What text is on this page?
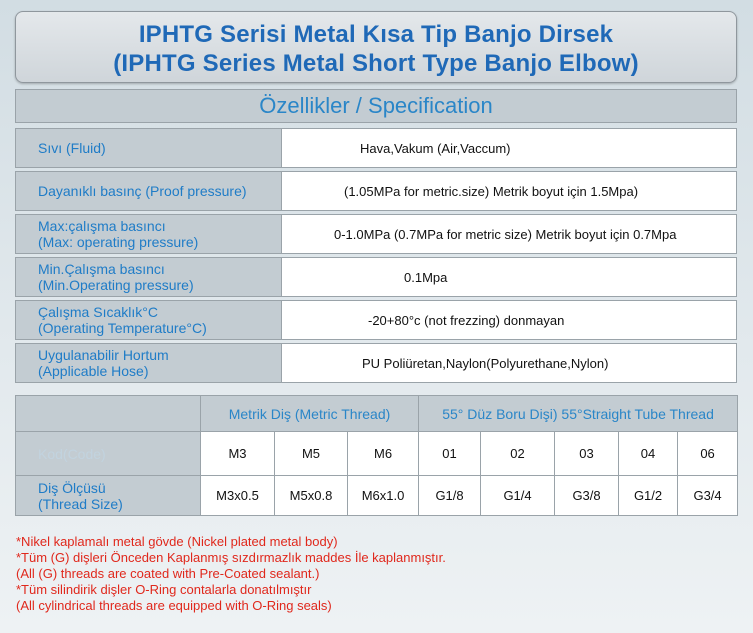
IPHTG Serisi Metal Kısa Tip Banjo Dirsek
(IPHTG Series Metal Short Type Banjo Elbow)
Özellikler / Specification
Sıvı (Fluid)	Hava,Vakum (Air,Vaccum)
Dayanıklı basınç (Proof pressure)	(1.05MPa for metric.size) Metrik boyut için 1.5Mpa)
Max:çalışma basıncı
(Max: operating pressure)	0-1.0MPa (0.7MPa for metric size) Metrik boyut için 0.7Mpa
Min.Çalışma basıncı
(Min.Operating pressure)	0.1Mpa
Çalışma Sıcaklık°C
(Operating Temperature°C)	-20+80°c (not frezzing) donmayan
Uygulanabilir Hortum
(Applicable Hose)	PU Poliüretan,Naylon(Polyurethane,Nylon)
	Metrik Diş (Metric Thread)			55° Düz Boru Dişi) 55°Straight Tube Thread				
Kod(Code)	M3	M5	M6	01	02	03	04	06

Diş Ölçüsü
(Thread Size)	M3x0.5	M5x0.8	M6x1.0	G1/8	G1/4	G3/8	G1/2	G3/4
*Nikel kaplamalı metal gövde (Nickel plated metal body)
*Tüm (G) dişleri Önceden Kaplanmış sızdırmazlık maddes İle kaplanmıştır.
(All (G) threads are coated with Pre-Coated sealant.)
*Tüm silindirik dişler O-Ring contalarla donatılmıştır
(All cylindrical threads are equipped with O-Ring seals)
